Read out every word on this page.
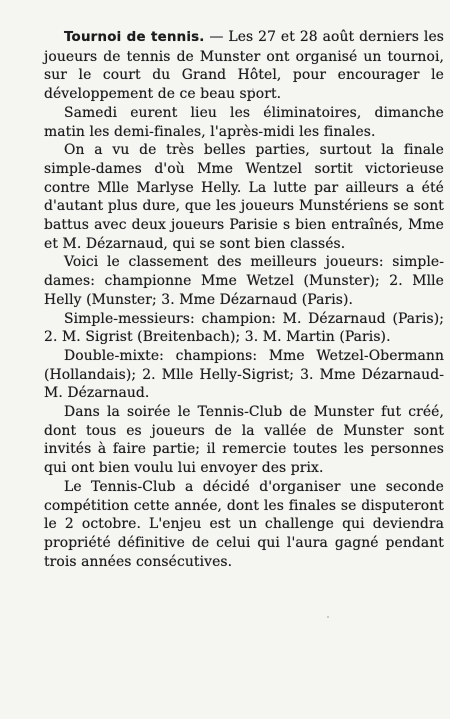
Tournoi de tennis. — Les 27 et 28 août derniers les joueurs de tennis de Munster ont organisé un tournoi, sur le court du Grand Hôtel, pour encourager le développement de ce beau sport.

Samedi eurent lieu les éliminatoires, dimanche matin les demi-finales, l'après-midi les finales.

On a vu de très belles parties, surtout la finale simple-dames d'où Mme Wentzel sortit victorieuse contre Mlle Marlyse Helly. La lutte par ailleurs a été d'autant plus dure, que les joueurs Munstériens se sont battus avec deux joueurs Parisie s bien entraînés, Mme et M. Dézarnaud, qui se sont bien classés.

Voici le classement des meilleurs joueurs: simple-dames: championne Mme Wetzel (Munster); 2. Mlle Helly (Munster; 3. Mme Dézarnaud (Paris).

Simple-messieurs: champion: M. Dézarnaud (Paris); 2. M. Sigrist (Breitenbach); 3. M. Martin (Paris).

Double-mixte: champions: Mme Wetzel-Obermann (Hollandais); 2. Mlle Helly-Sigrist; 3. Mme Dézarnaud-M. Dézarnaud.

Dans la soirée le Tennis-Club de Munster fut créé, dont tous es joueurs de la vallée de Munster sont invités à faire partie; il remercie toutes les personnes qui ont bien voulu lui envoyer des prix.

Le Tennis-Club a décidé d'organiser une seconde compétition cette année, dont les finales se disputeront le 2 octobre. L'enjeu est un challenge qui deviendra propriété définitive de celui qui l'aura gagné pendant trois années consécutives.
